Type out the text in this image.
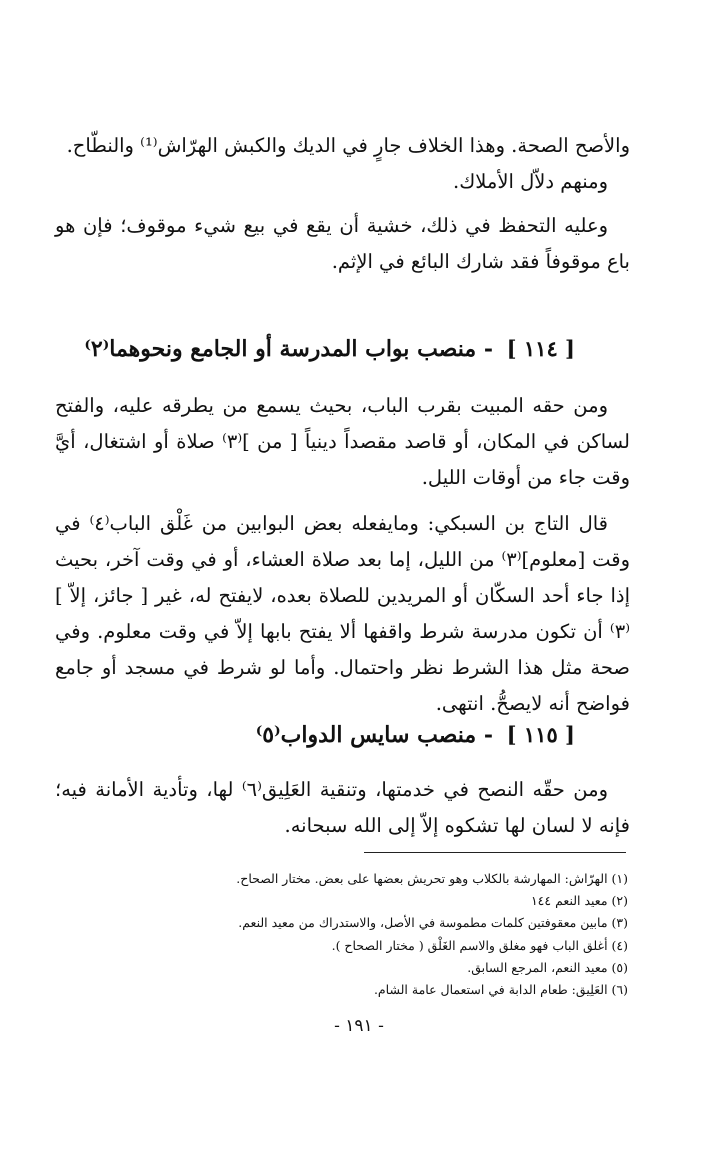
والأصح الصحة. وهذا الخلاف جارٍ في الديك والكبش الهرّاش⁽¹⁾ والنطّاح.

ومنهم دلاّل الأملاك.

وعليه التحفظ في ذلك، خشية أن يقع في بيع شيء موقوف؛ فإن هو باع موقوفاً فقد شارك البائع في الإثم.

[ ١١٤ ] - منصب بواب المدرسة أو الجامع ونحوهما⁽٢⁾

ومن حقه المبيت بقرب الباب، بحيث يسمع من يطرقه عليه، والفتح لساكن في المكان، أو قاصد مقصداً دينياً [ من ]⁽٣⁾ صلاة أو اشتغال، أيَّ وقت جاء من أوقات الليل.

قال التاج بن السبكي: ومايفعله بعض البوابين من غَلْق الباب⁽٤⁾ في وقت [معلوم]⁽٣⁾ من الليل، إما بعد صلاة العشاء، أو في وقت آخر، بحيث إذا جاء أحد السكّان أو المريدين للصلاة بعده، لايفتح له، غير [ جائز، إلاّ ]⁽٣⁾ أن تكون مدرسة شرط واقفها ألا يفتح بابها إلاّ في وقت معلوم. وفي صحة مثل هذا الشرط نظر واحتمال. وأما لو شرط في مسجد أو جامع فواضح أنه لايصحُّ. انتهى.

[ ١١٥ ] - منصب سايس الدواب⁽٥⁾

ومن حقّه النصح في خدمتها، وتنقية العَلِيق⁽٦⁾ لها، وتأدية الأمانة فيه؛ فإنه لا لسان لها تشكوه إلاّ إلى الله سبحانه.

(١) الهرّاش: المهارشة بالكلاب وهو تحريش بعضها على بعض. مختار الصحاح.

(٢) معيد النعم ١٤٤

(٣) مابين معقوفتين كلمات مطموسة في الأصل، والاستدراك من معيد النعم.

(٤) أغلق الباب فهو مغلق والاسم الغَلْق ( مختار الصحاح ).

(٥) معيد النعم، المرجع السابق.

(٦) العَلِيق: طعام الدابة في استعمال عامة الشام.

- ١٩١ -
